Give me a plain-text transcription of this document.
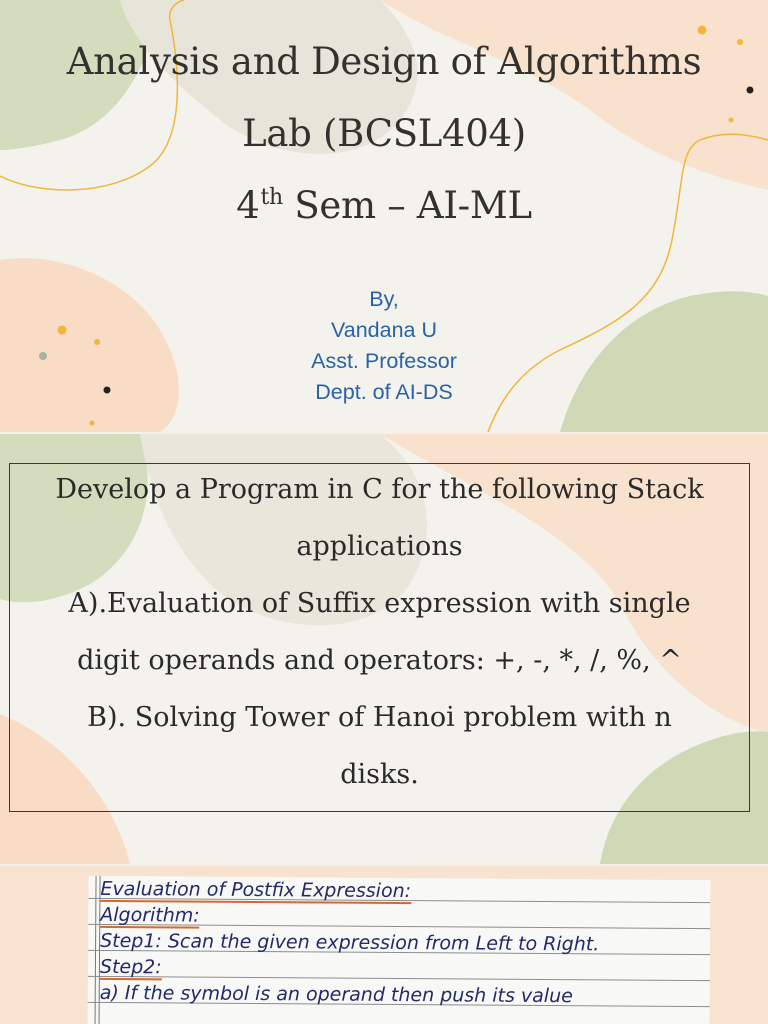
Analysis and Design of Algorithms
Lab (BCSL404)
4th Sem – AI-ML
By,
Vandana U
Asst. Professor
Dept. of AI-DS
Develop a Program in C for the following Stack
applications
A).Evaluation of Suffix expression with single
digit operands and operators: +, -, *, /, %, ^
B). Solving Tower of Hanoi problem with n
disks.
Evaluation of Postfix Expression:
Algorithm:
Step1: Scan the given expression from Left to Right.
Step2:
a) If the symbol is an operand then push its value
